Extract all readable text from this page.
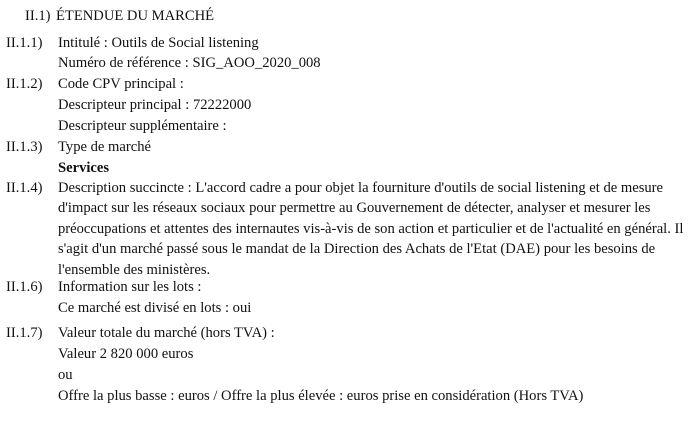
II.1) ÉTENDUE DU MARCHÉ
II.1.1) Intitulé : Outils de Social listening
Numéro de référence : SIG_AOO_2020_008
II.1.2) Code CPV principal :
Descripteur principal : 72222000
Descripteur supplémentaire :
II.1.3) Type de marché
Services
II.1.4) Description succincte : L'accord cadre a pour objet la fourniture d'outils de social listening et de mesure d'impact sur les réseaux sociaux pour permettre au Gouvernement de détecter, analyser et mesurer les préoccupations et attentes des internautes vis-à-vis de son action et particulier et de l'actualité en général. Il s'agit d'un marché passé sous le mandat de la Direction des Achats de l'Etat (DAE) pour les besoins de l'ensemble des ministères.
II.1.6) Information sur les lots :
Ce marché est divisé en lots : oui
II.1.7) Valeur totale du marché (hors TVA) :
Valeur 2 820 000 euros
ou
Offre la plus basse : euros / Offre la plus élevée : euros prise en considération (Hors TVA)
